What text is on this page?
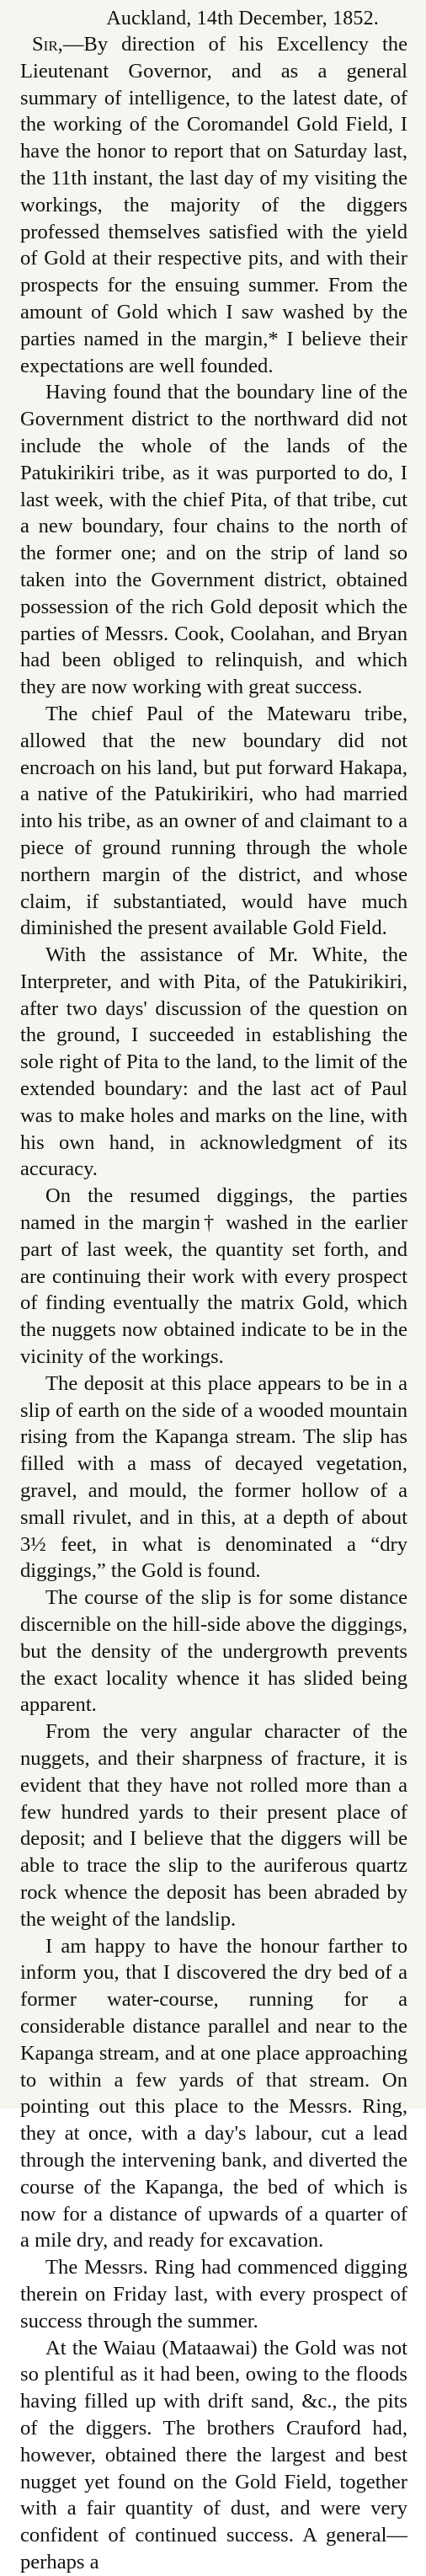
Auckland, 14th December, 1852.

Sir,—By direction of his Excellency the Lieutenant Governor, and as a general summary of intelligence, to the latest date, of the working of the Coromandel Gold Field, I have the honor to report that on Saturday last, the 11th instant, the last day of my visiting the workings, the majority of the diggers professed themselves satisfied with the yield of Gold at their respective pits, and with their prospects for the ensuing summer. From the amount of Gold which I saw washed by the parties named in the margin,* I believe their expectations are well founded.

Having found that the boundary line of the Government district to the northward did not include the whole of the lands of the Patukirikiri tribe, as it was purported to do, I last week, with the chief Pita, of that tribe, cut a new boundary, four chains to the north of the former one; and on the strip of land so taken into the Government district, obtained possession of the rich Gold deposit which the parties of Messrs. Cook, Coolahan, and Bryan had been obliged to relinquish, and which they are now working with great success.

The chief Paul of the Matewaru tribe, allowed that the new boundary did not encroach on his land, but put forward Hakapa, a native of the Patukirikiri, who had married into his tribe, as an owner of and claimant to a piece of ground running through the whole northern margin of the district, and whose claim, if substantiated, would have much diminished the present available Gold Field.

With the assistance of Mr. White, the Interpreter, and with Pita, of the Patukirikiri, after two days' discussion of the question on the ground, I succeeded in establishing the sole right of Pita to the land, to the limit of the extended boundary: and the last act of Paul was to make holes and marks on the line, with his own hand, in acknowledgment of its accuracy.

On the resumed diggings, the parties named in the margin† washed in the earlier part of last week, the quantity set forth, and are continuing their work with every prospect of finding eventually the matrix Gold, which the nuggets now obtained indicate to be in the vicinity of the workings.

The deposit at this place appears to be in a slip of earth on the side of a wooded mountain rising from the Kapanga stream. The slip has filled with a mass of decayed vegetation, gravel, and mould, the former hollow of a small rivulet, and in this, at a depth of about 3½ feet, in what is denominated a “dry diggings,” the Gold is found.

The course of the slip is for some distance discernible on the hill-side above the diggings, but the density of the undergrowth prevents the exact locality whence it has slided being apparent.

From the very angular character of the nuggets, and their sharpness of fracture, it is evident that they have not rolled more than a few hundred yards to their present place of deposit; and I believe that the diggers will be able to trace the slip to the auriferous quartz rock whence the deposit has been abraded by the weight of the landslip.

I am happy to have the honour farther to inform you, that I discovered the dry bed of a former water-course, running for a considerable distance parallel and near to the Kapanga stream, and at one place approaching to within a few yards of that stream. On pointing out this place to the Messrs. Ring, they at once, with a day's labour, cut a lead through the intervening bank, and diverted the course of the Kapanga, the bed of which is now for a distance of upwards of a quarter of a mile dry, and ready for excavation.

The Messrs. Ring had commenced digging therein on Friday last, with every prospect of success through the summer.

At the Waiau (Mataawai) the Gold was not so plentiful as it had been, owing to the floods having filled up with drift sand, &c., the pits of the diggers. The brothers Crauford had, however, obtained there the largest and best nugget yet found on the Gold Field, together with a fair quantity of dust, and were very confident of continued success. A general—perhaps a
